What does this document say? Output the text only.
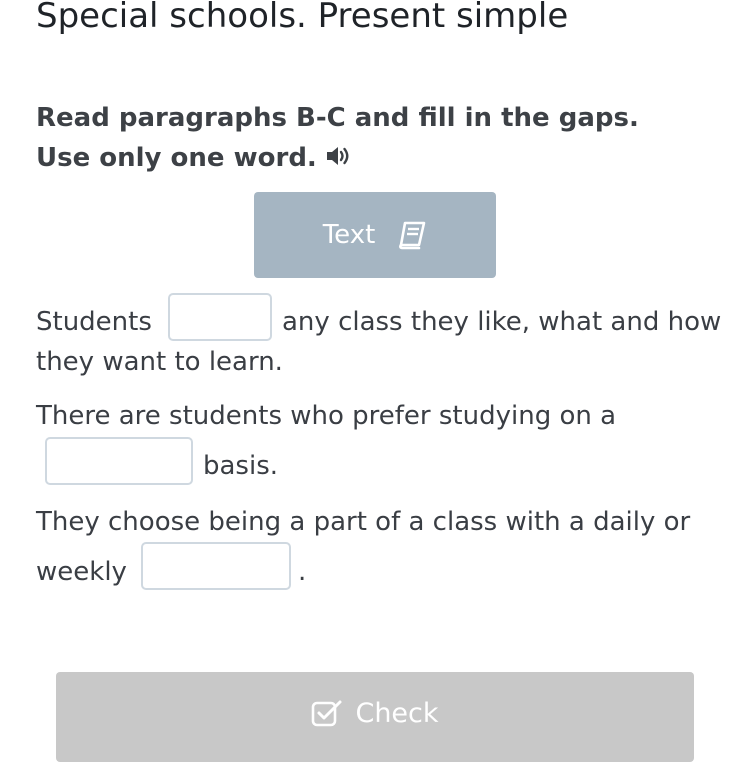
Special schools. Present simple

Read paragraphs B-C and fill in the gaps. Use only one word.

Text
Students	any class they like, what and how
they want to learn.
There are students who prefer studying on a
basis.
They choose being a part of a class with a daily or
weekly	.
Check
